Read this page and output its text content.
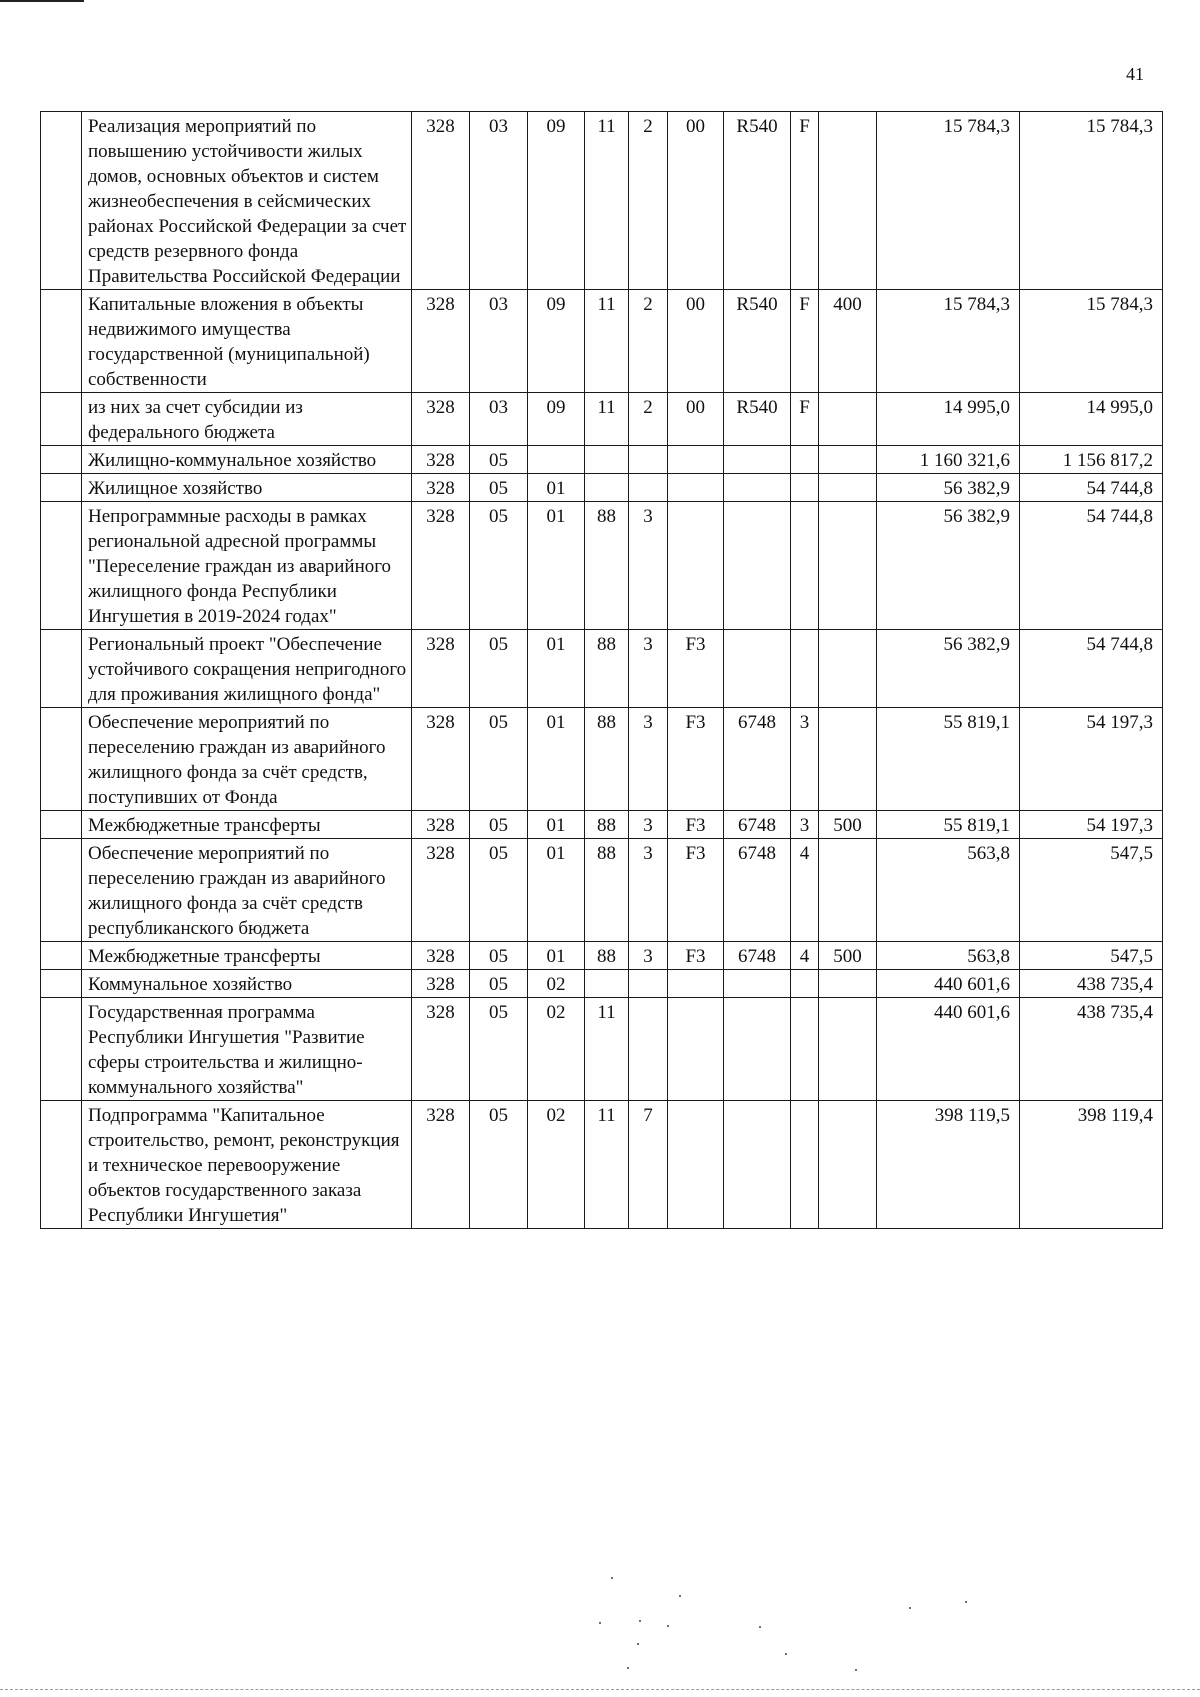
41
	Реализация мероприятий по повышению устойчивости жилых домов, основных объектов и систем жизнеобеспечения в сейсмических районах Российской Федерации за счет средств резервного фонда Правительства Российской Федерации	328	03	09	11	2	00	R540	F		15 784,3	15 784,3
	Капитальные вложения в объекты недвижимого имущества государственной (муниципальной) собственности	328	03	09	11	2	00	R540	F	400	15 784,3	15 784,3
	из них за счет субсидии из федерального бюджета	328	03	09	11	2	00	R540	F		14 995,0	14 995,0
	Жилищно-коммунальное хозяйство	328	05								1 160 321,6	1 156 817,2
	Жилищное хозяйство	328	05	01							56 382,9	54 744,8
	Непрограммные расходы в рамках региональной адресной программы "Переселение граждан из аварийного жилищного фонда Республики Ингушетия в 2019-2024 годах"	328	05	01	88	3					56 382,9	54 744,8
	Региональный проект "Обеспечение устойчивого сокращения непригодного для проживания жилищного фонда"	328	05	01	88	3	F3				56 382,9	54 744,8
	Обеспечение мероприятий по переселению граждан из аварийного жилищного фонда за счёт средств, поступивших от Фонда	328	05	01	88	3	F3	6748	3		55 819,1	54 197,3
	Межбюджетные трансферты	328	05	01	88	3	F3	6748	3	500	55 819,1	54 197,3
	Обеспечение мероприятий по переселению граждан из аварийного жилищного фонда за счёт средств республиканского бюджета	328	05	01	88	3	F3	6748	4		563,8	547,5
	Межбюджетные трансферты	328	05	01	88	3	F3	6748	4	500	563,8	547,5
	Коммунальное хозяйство	328	05	02							440 601,6	438 735,4
	Государственная программа Республики Ингушетия "Развитие сферы строительства и жилищно-коммунального хозяйства"	328	05	02	11						440 601,6	438 735,4
	Подпрограмма "Капитальное строительство, ремонт, реконструкция и техническое перевооружение объектов государственного заказа Республики Ингушетия"	328	05	02	11	7					398 119,5	398 119,4
